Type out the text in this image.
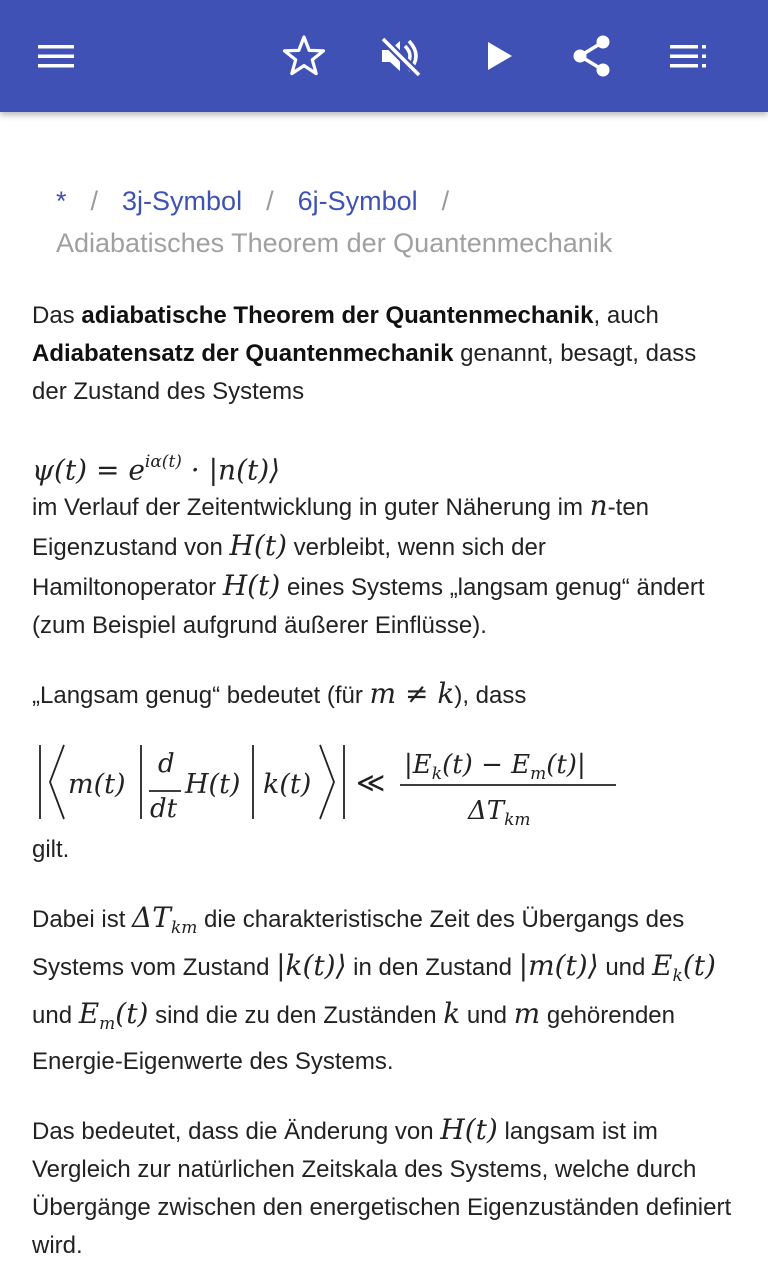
* / 3j-Symbol / 6j-Symbol /
Adiabatisches Theorem der Quantenmechanik

Das adiabatische Theorem der Quantenmechanik, auch Adiabatensatz der Quantenmechanik genannt, besagt, dass der Zustand des Systems

$\psi(t) = e^{i\alpha(t)}$ · |n(t)⟩

im Verlauf der Zeitentwicklung in guter Näherung im n-ten Eigenzustand von H(t) verbleibt, wenn sich der Hamiltonoperator H(t) eines Systems „langsam genug“ ändert (zum Beispiel aufgrund äußerer Einflüsse).

„Langsam genug“ bedeutet (für m ≠ k), dass

m(t)
d
dt
H(t) k(t) ≪
$|E_k(t) - E_m(t)|$
$\Delta T_{km}$

gilt.

Dabei ist $\Delta T_{km}$ die charakteristische Zeit des Übergangs des Systems vom Zustand |k(t)⟩ in den Zustand |m(t)⟩ und $E_k(t)$ und $E_m(t)$ sind die zu den Zuständen k und m gehörenden Energie-Eigenwerte des Systems.

Das bedeutet, dass die Änderung von H(t) langsam ist im Vergleich zur natürlichen Zeitskala des Systems, welche durch Übergänge zwischen den energetischen Eigenzuständen definiert wird.
